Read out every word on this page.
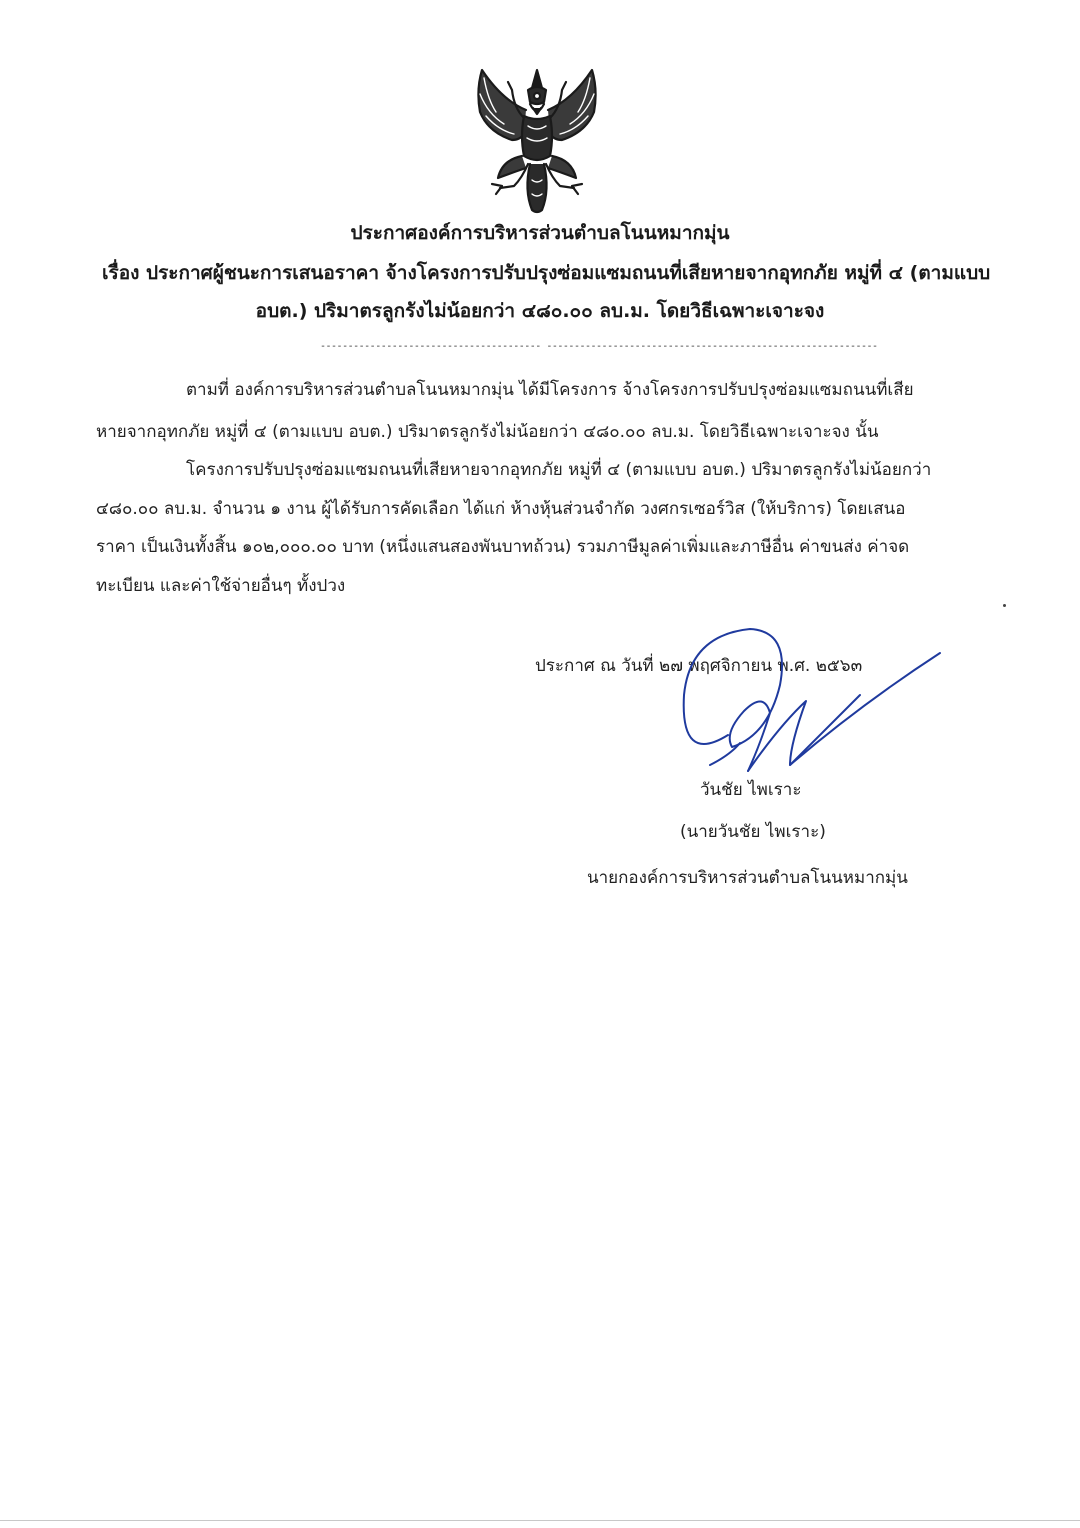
ประกาศองค์การบริหารส่วนตำบลโนนหมากมุ่น
เรื่อง ประกาศผู้ชนะการเสนอราคา จ้างโครงการปรับปรุงซ่อมแซมถนนที่เสียหายจากอุทกภัย หมู่ที่ ๔ (ตามแบบ
อบต.) ปริมาตรลูกรังไม่น้อยกว่า ๔๘๐.๐๐ ลบ.ม. โดยวิธีเฉพาะเจาะจง
---------------------------------------- ------------------------------------------------------------
ตามที่ องค์การบริหารส่วนตำบลโนนหมากมุ่น ได้มีโครงการ จ้างโครงการปรับปรุงซ่อมแซมถนนที่เสีย
หายจากอุทกภัย หมู่ที่ ๔ (ตามแบบ อบต.) ปริมาตรลูกรังไม่น้อยกว่า ๔๘๐.๐๐ ลบ.ม. โดยวิธีเฉพาะเจาะจง นั้น
โครงการปรับปรุงซ่อมแซมถนนที่เสียหายจากอุทกภัย หมู่ที่ ๔ (ตามแบบ อบต.) ปริมาตรลูกรังไม่น้อยกว่า
๔๘๐.๐๐ ลบ.ม. จำนวน ๑ งาน ผู้ได้รับการคัดเลือก ได้แก่ ห้างหุ้นส่วนจำกัด วงศกรเซอร์วิส (ให้บริการ) โดยเสนอ
ราคา เป็นเงินทั้งสิ้น ๑๐๒,๐๐๐.๐๐ บาท (หนึ่งแสนสองพันบาทถ้วน) รวมภาษีมูลค่าเพิ่มและภาษีอื่น ค่าขนส่ง ค่าจด
ทะเบียน และค่าใช้จ่ายอื่นๆ ทั้งปวง
ประกาศ ณ วันที่ ๒๗ พฤศจิกายน พ.ศ. ๒๕๖๓
วันชัย ไพเราะ
(นายวันชัย ไพเราะ)
นายกองค์การบริหารส่วนตำบลโนนหมากมุ่น
